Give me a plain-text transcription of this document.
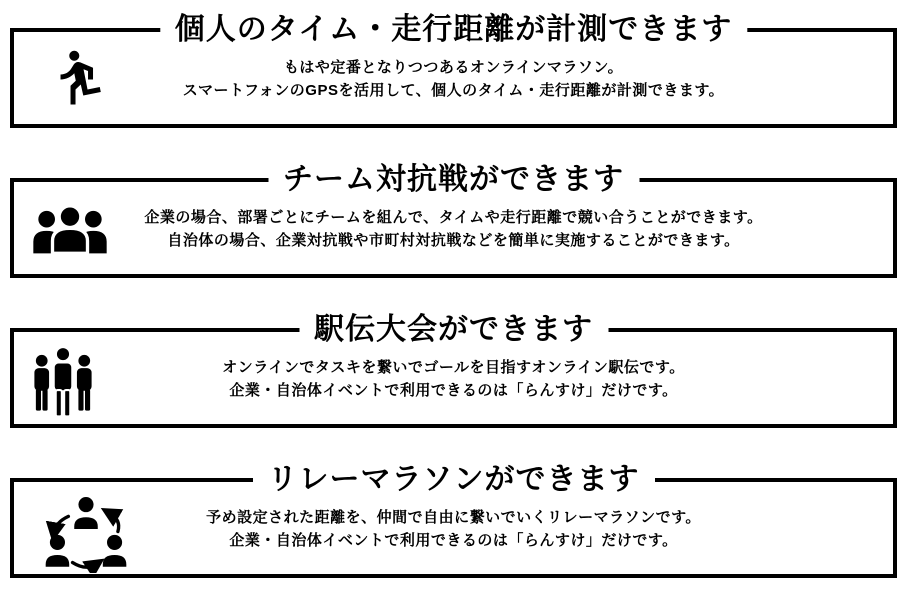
個人のタイム・走行距離が計測できます

もはや定番となりつつあるオンラインマラソン。

スマートフォンのGPSを活用して、個人のタイム・走行距離が計測できます。

チーム対抗戦ができます

企業の場合、部署ごとにチームを組んで、タイムや走行距離で競い合うことができます。

自治体の場合、企業対抗戦や市町村対抗戦などを簡単に実施することができます。

駅伝大会ができます

オンラインでタスキを繋いでゴールを目指すオンライン駅伝です。

企業・自治体イベントで利用できるのは「らんすけ」だけです。

リレーマラソンができます

予め設定された距離を、仲間で自由に繋いでいくリレーマラソンです。

企業・自治体イベントで利用できるのは「らんすけ」だけです。
